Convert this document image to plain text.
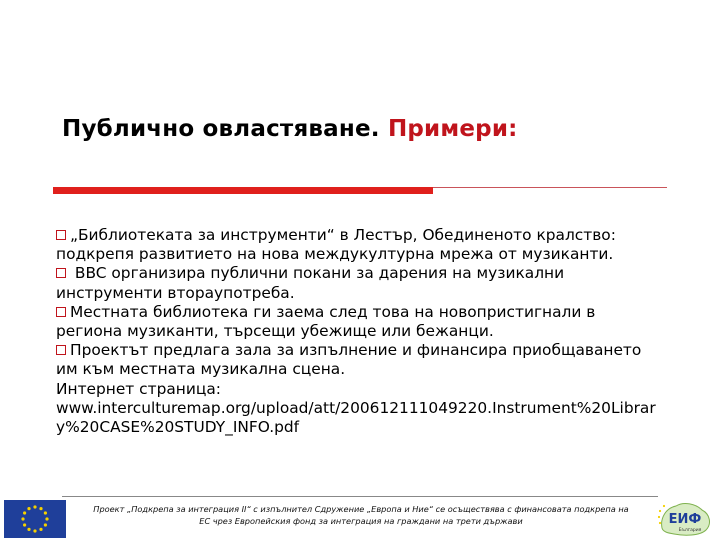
Публично овластяване. Примери:

„Библиотеката за инструменти“ в Лестър, Обединеното кралство: подкрепя развитието на нова междукултурна мрежа от музиканти.

BBC организира публични покани за дарения на музикални инструменти вторaупотреба.

Местната библиотека ги заема след това на новопристигнали в региона музиканти, търсещи убежище или бежанци.

Проектът предлага зала за изпълнение и финансира приобщаването им към местната музикална сцена.

Интернет страница:

www.interculturemap.org/upload/att/200612111049220.Instrument%20Library%20CASE%20STUDY_INFO.pdf

Проект „Подкрепа за интеграция II“ с изпълнител Сдружение „Европа и Ние“ се осъществява с финансовата подкрепа на
ЕС чрез Европейския фонд за интеграция на граждани на трети държави	ЕИФ
България
